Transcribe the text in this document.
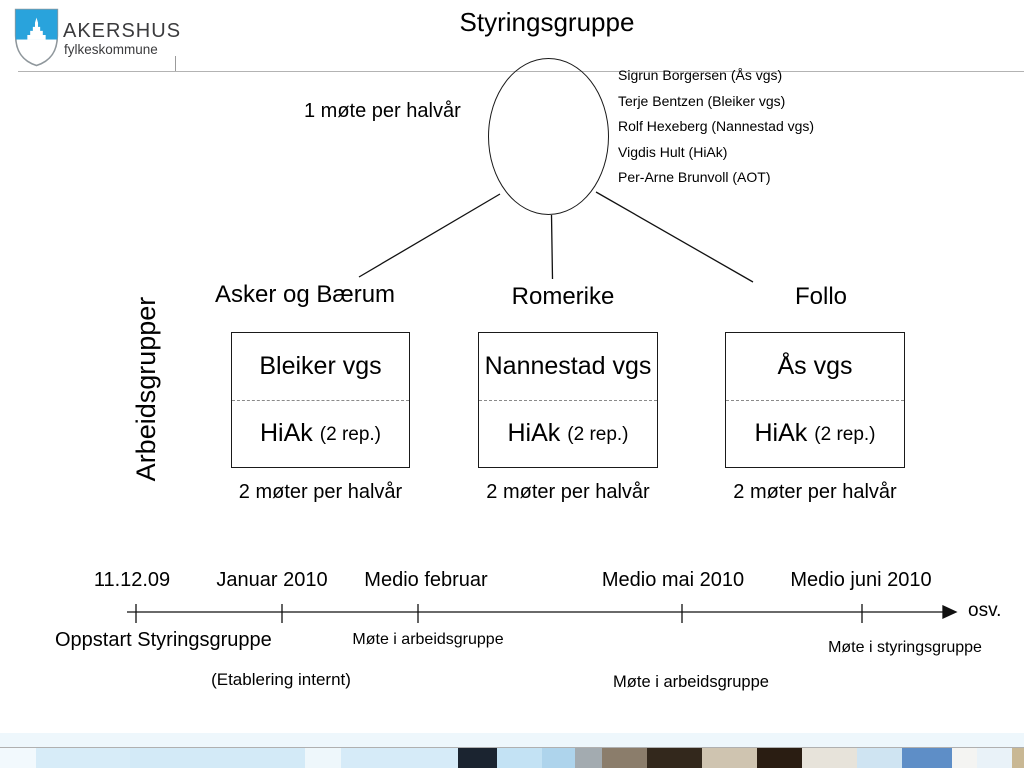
AKERSHUS
fylkeskommune
Styringsgruppe
1 møte per halvår
Sigrun Borgersen (Ås vgs)
Terje Bentzen (Bleiker vgs)
Rolf Hexeberg (Nannestad vgs)
Vigdis Hult (HiAk)
Per-Arne Brunvoll (AOT)
Arbeidsgrupper
Asker og Bærum	Romerike	Follo
Bleiker vgs
HiAk (2 rep.)
Nannestad vgs
HiAk (2 rep.)
Ås vgs
HiAk (2 rep.)
2 møter per halvår	2 møter per halvår	2 møter per halvår
11.12.09 Januar 2010 Medio februar	Medio mai 2010 Medio juni 2010
osv.
Oppstart Styringsgruppe	Møte i arbeidsgruppe	Møte i styringsgruppe
(Etablering internt)	Møte i arbeidsgruppe
